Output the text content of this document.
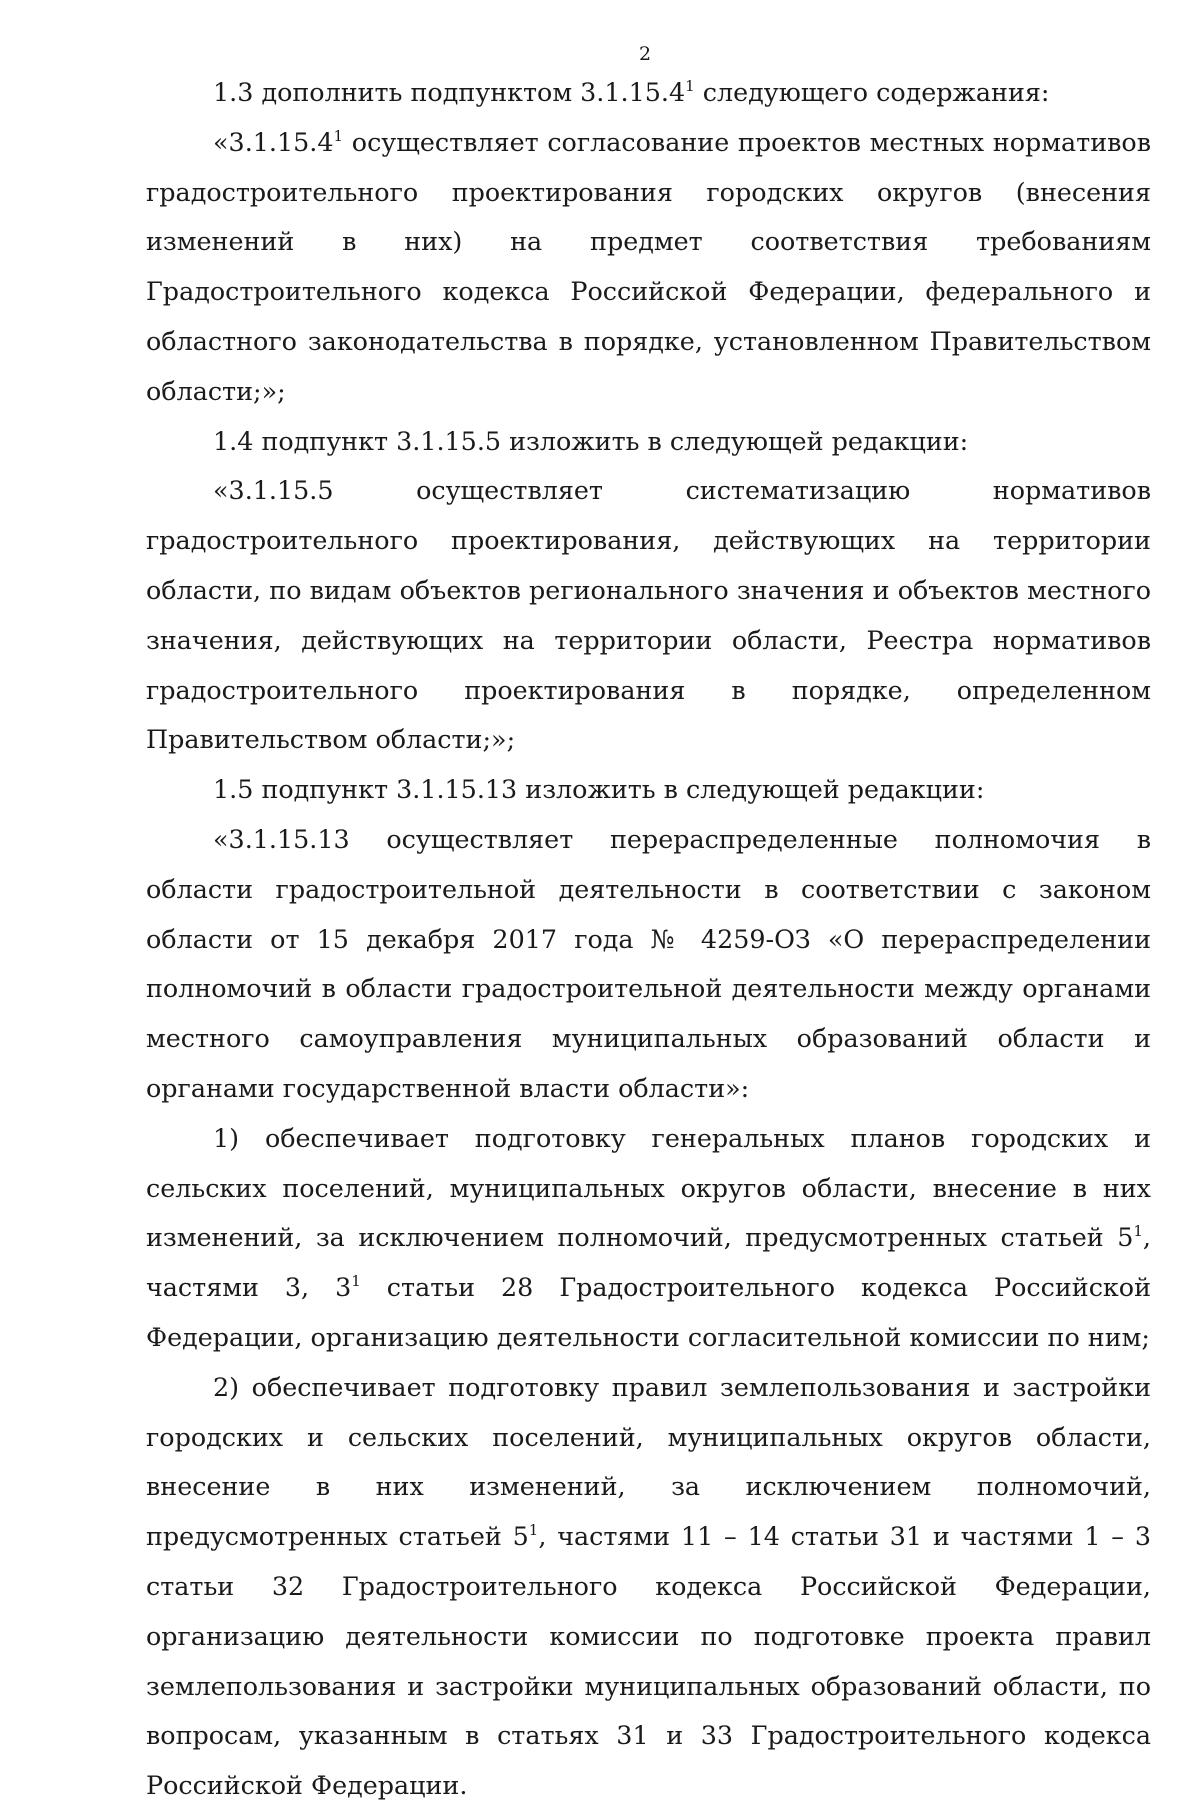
2

1.3 дополнить подпунктом 3.1.15.4$^1$ следующего содержания:

«3.1.15.4$^1$ осуществляет согласование проектов местных нормативов градостроительного проектирования городских округов (внесения изменений в них) на предмет соответствия требованиям Градостроительного кодекса Российской Федерации, федерального и областного законодательства в порядке, установленном Правительством области;»;

1.4 подпункт 3.1.15.5 изложить в следующей редакции:

«3.1.15.5 осуществляет систематизацию нормативов градостроительного проектирования, действующих на территории области, по видам объектов регионального значения и объектов местного значения, действующих на территории области, Реестра нормативов градостроительного проектирования в порядке, определенном Правительством области;»;

1.5 подпункт 3.1.15.13 изложить в следующей редакции:

«3.1.15.13 осуществляет перераспределенные полномочия в области градостроительной деятельности в соответствии с законом области от 15 декабря 2017 года № 4259-ОЗ «О перераспределении полномочий в области градостроительной деятельности между органами местного самоуправления муниципальных образований области и органами государственной власти области»:

1) обеспечивает подготовку генеральных планов городских и сельских поселений, муниципальных округов области, внесение в них изменений, за исключением полномочий, предусмотренных статьей $5^1$, частями 3, $3^1$ статьи 28 Градостроительного кодекса Российской Федерации, организацию деятельности согласительной комиссии по ним;

2) обеспечивает подготовку правил землепользования и застройки городских и сельских поселений, муниципальных округов области, внесение в них изменений, за исключением полномочий, предусмотренных статьей $5^1$, частями 11 – 14 статьи 31 и частями 1 – 3 статьи 32 Градостроительного кодекса Российской Федерации, организацию деятельности комиссии по подготовке проекта правил землепользования и застройки муниципальных образований области, по вопросам, указанным в статьях 31 и 33 Градостроительного кодекса Российской Федерации.
